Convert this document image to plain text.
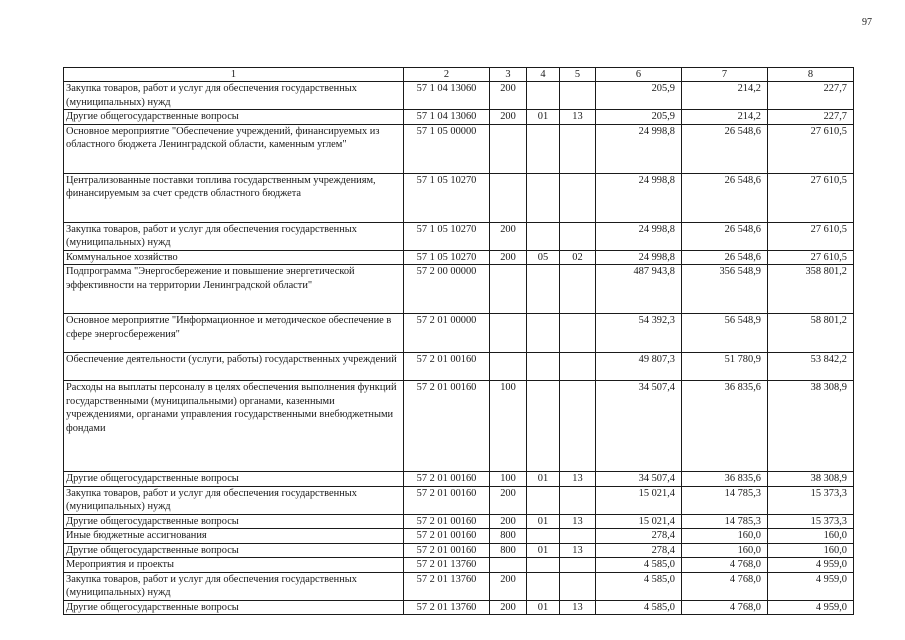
97
1	2	3	4	5	6	7	8
Закупка товаров, работ и услуг для обеспечения государственных (муниципальных) нужд	57 1 04 13060	200			205,9	214,2	227,7
Другие общегосударственные вопросы	57 1 04 13060	200	01	13	205,9	214,2	227,7
Основное мероприятие "Обеспечение учреждений, финансируемых из областного бюджета Ленинградской области, каменным углем"	57 1 05 00000				24 998,8	26 548,6	27 610,5
Централизованные поставки топлива государственным учреждениям, финансируемым за счет средств областного бюджета	57 1 05 10270				24 998,8	26 548,6	27 610,5
Закупка товаров, работ и услуг для обеспечения государственных (муниципальных) нужд	57 1 05 10270	200			24 998,8	26 548,6	27 610,5
Коммунальное хозяйство	57 1 05 10270	200	05	02	24 998,8	26 548,6	27 610,5
Подпрограмма "Энергосбережение и повышение энергетической эффективности на территории Ленинградской области"	57 2 00 00000				487 943,8	356 548,9	358 801,2
Основное мероприятие "Информационное и методическое обеспечение в сфере энергосбережения"	57 2 01 00000				54 392,3	56 548,9	58 801,2
Обеспечение деятельности (услуги, работы) государственных учреждений	57 2 01 00160				49 807,3	51 780,9	53 842,2
Расходы на выплаты персоналу в целях обеспечения выполнения функций государственными (муниципальными) органами, казенными учреждениями, органами управления государственными внебюджетными фондами	57 2 01 00160	100			34 507,4	36 835,6	38 308,9
Другие общегосударственные вопросы	57 2 01 00160	100	01	13	34 507,4	36 835,6	38 308,9
Закупка товаров, работ и услуг для обеспечения государственных (муниципальных) нужд	57 2 01 00160	200			15 021,4	14 785,3	15 373,3
Другие общегосударственные вопросы	57 2 01 00160	200	01	13	15 021,4	14 785,3	15 373,3
Иные бюджетные ассигнования	57 2 01 00160	800			278,4	160,0	160,0
Другие общегосударственные вопросы	57 2 01 00160	800	01	13	278,4	160,0	160,0
Мероприятия и проекты	57 2 01 13760				4 585,0	4 768,0	4 959,0
Закупка товаров, работ и услуг для обеспечения государственных (муниципальных) нужд	57 2 01 13760	200			4 585,0	4 768,0	4 959,0
Другие общегосударственные вопросы	57 2 01 13760	200	01	13	4 585,0	4 768,0	4 959,0
